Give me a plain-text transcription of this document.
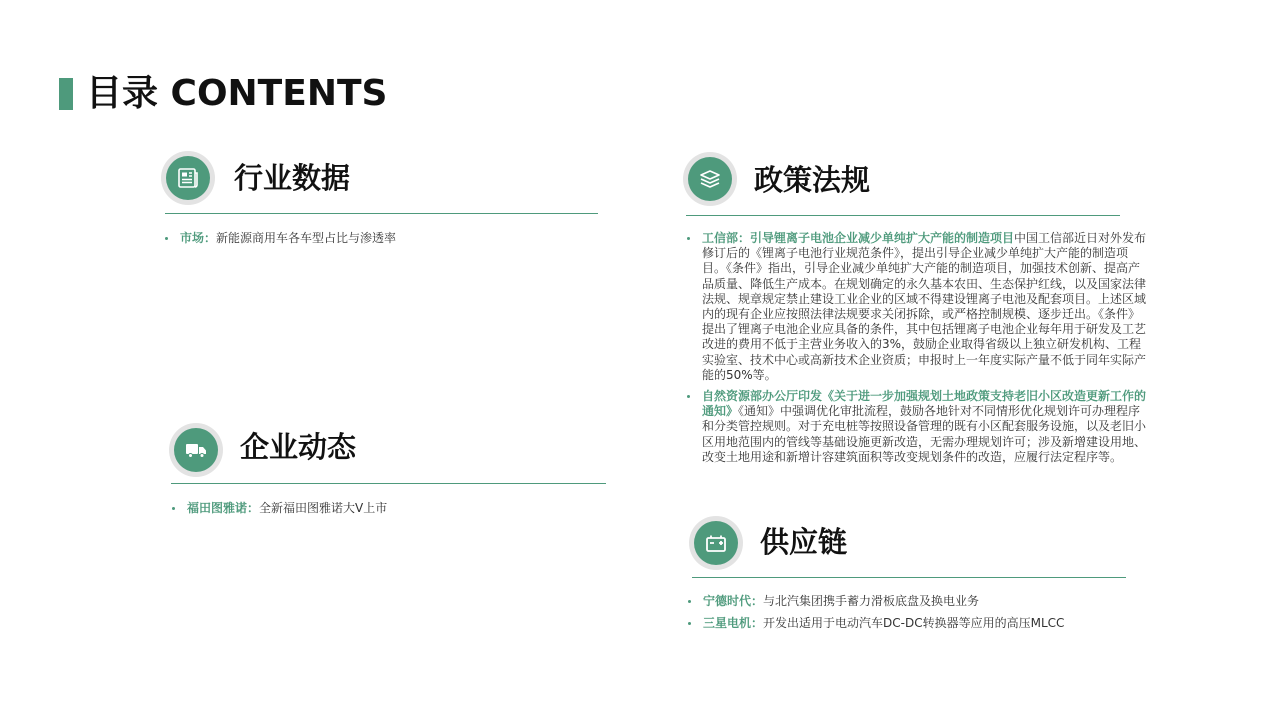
目录 CONTENTS
行业数据
市场：新能源商用车各车型占比与渗透率
政策法规
工信部：引导锂离子电池企业减少单纯扩大产能的制造项目中国工信部近日对外发布修订后的《锂离子电池行业规范条件》，提出引导企业减少单纯扩大产能的制造项目。《条件》指出，引导企业减少单纯扩大产能的制造项目，加强技术创新、提高产品质量、降低生产成本。在规划确定的永久基本农田、生态保护红线，以及国家法律法规、规章规定禁止建设工业企业的区域不得建设锂离子电池及配套项目。上述区域内的现有企业应按照法律法规要求关闭拆除，或严格控制规模、逐步迁出。《条件》提出了锂离子电池企业应具备的条件，其中包括锂离子电池企业每年用于研发及工艺改进的费用不低于主营业务收入的3%，鼓励企业取得省级以上独立研发机构、工程实验室、技术中心或高新技术企业资质；申报时上一年度实际产量不低于同年实际产能的50%等。
自然资源部办公厅印发《关于进一步加强规划土地政策支持老旧小区改造更新工作的通知》《通知》中强调优化审批流程，鼓励各地针对不同情形优化规划许可办理程序和分类管控规则。对于充电桩等按照设备管理的既有小区配套服务设施，以及老旧小区用地范围内的管线等基础设施更新改造，无需办理规划许可；涉及新增建设用地、改变土地用途和新增计容建筑面积等改变规划条件的改造，应履行法定程序等。
企业动态
福田图雅诺：全新福田图雅诺大V上市
供应链
宁德时代：与北汽集团携手蓄力滑板底盘及换电业务
三星电机：开发出适用于电动汽车DC-DC转换器等应用的高压MLCC
